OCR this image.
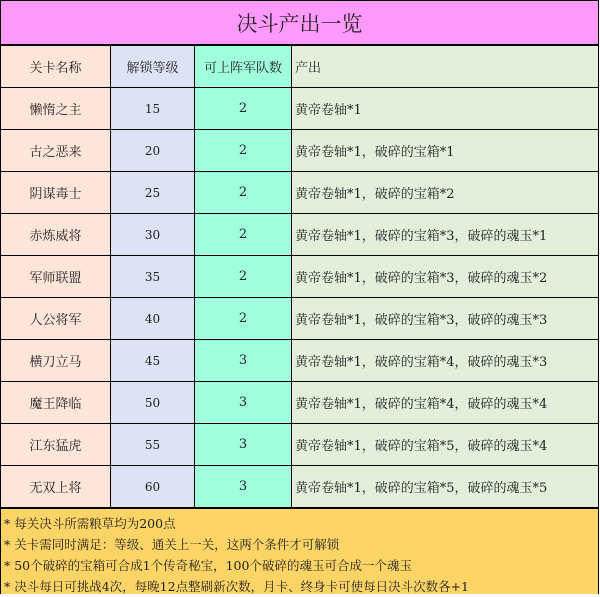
决斗产出一览
关卡名称	解锁等级	可上阵军队数	产出
懒惰之主	15	2	黄帝卷轴*1
古之恶来	20	2	黄帝卷轴*1，破碎的宝箱*1
阴谋毒士	25	2	黄帝卷轴*1，破碎的宝箱*2
赤炼威将	30	2	黄帝卷轴*1，破碎的宝箱*3，破碎的魂玉*1
军师联盟	35	2	黄帝卷轴*1，破碎的宝箱*3，破碎的魂玉*2
人公将军	40	2	黄帝卷轴*1，破碎的宝箱*3，破碎的魂玉*3
横刀立马	45	3	黄帝卷轴*1，破碎的宝箱*4，破碎的魂玉*3
魔王降临	50	3	黄帝卷轴*1，破碎的宝箱*4，破碎的魂玉*4
江东猛虎	55	3	黄帝卷轴*1，破碎的宝箱*5，破碎的魂玉*4
无双上将	60	3	黄帝卷轴*1，破碎的宝箱*5，破碎的魂玉*5
* 每关决斗所需粮草均为200点
* 关卡需同时满足：等级、通关上一关，这两个条件才可解锁
* 50个破碎的宝箱可合成1个传奇秘宝，100个破碎的魂玉可合成一个魂玉
* 决斗每日可挑战4次，每晚12点整刷新次数，月卡、终身卡可使每日决斗次数各+1
